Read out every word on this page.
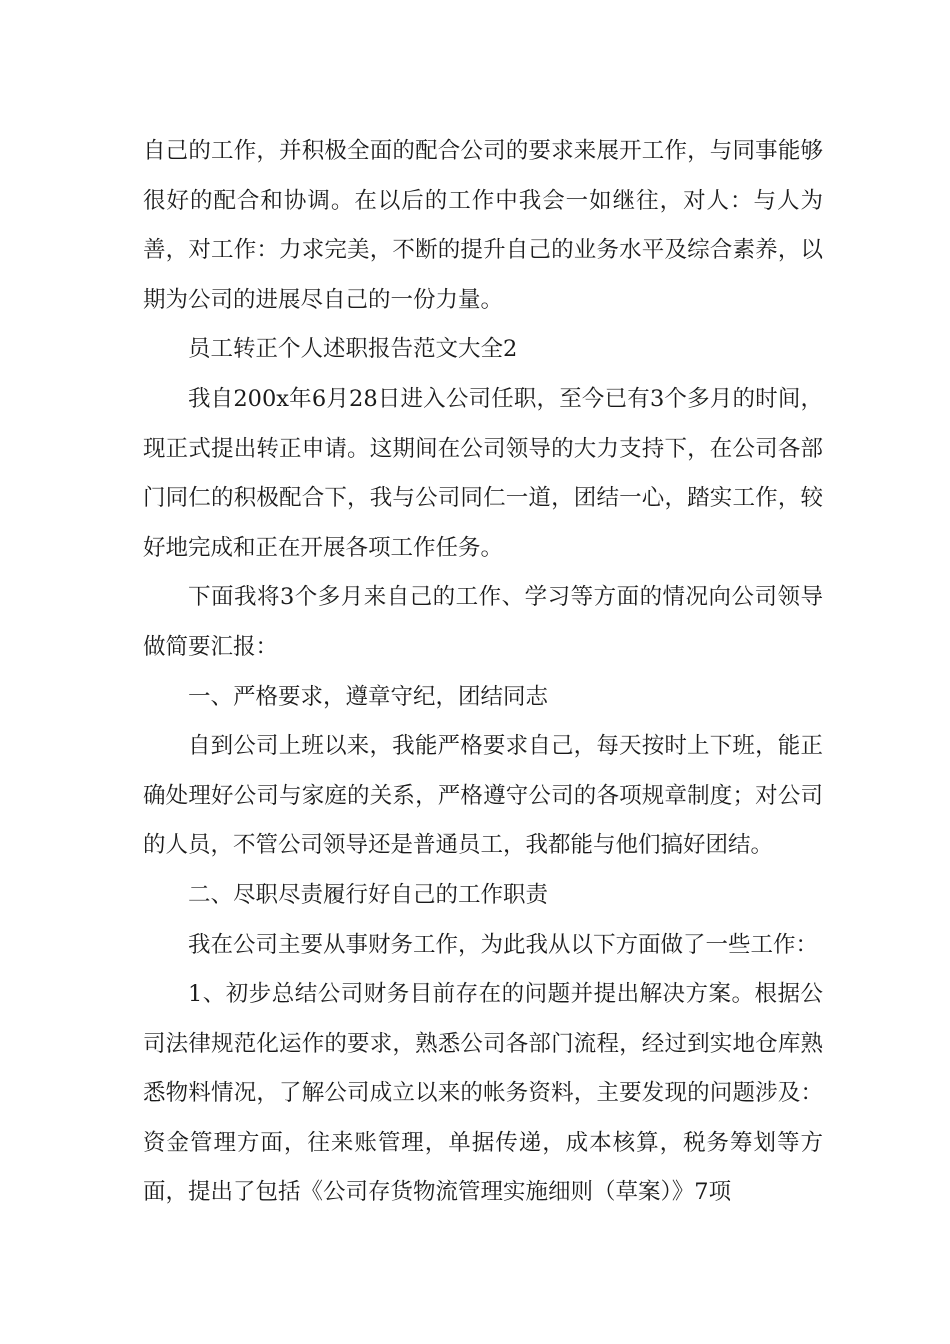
自己的工作，并积极全面的配合公司的要求来展开工作，与同事能够很好的配合和协调。在以后的工作中我会一如继往，对人：与人为善，对工作：力求完美，不断的提升自己的业务水平及综合素养，以期为公司的进展尽自己的一份力量。

员工转正个人述职报告范文大全2

我自200x年6月28日进入公司任职，至今已有3个多月的时间，现正式提出转正申请。这期间在公司领导的大力支持下，在公司各部门同仁的积极配合下，我与公司同仁一道，团结一心，踏实工作，较好地完成和正在开展各项工作任务。

下面我将3个多月来自己的工作、学习等方面的情况向公司领导做简要汇报：

一、严格要求，遵章守纪，团结同志

自到公司上班以来，我能严格要求自己，每天按时上下班，能正确处理好公司与家庭的关系，严格遵守公司的各项规章制度；对公司的人员，不管公司领导还是普通员工，我都能与他们搞好团结。

二、尽职尽责履行好自己的工作职责

我在公司主要从事财务工作，为此我从以下方面做了一些工作：

1、初步总结公司财务目前存在的问题并提出解决方案。根据公司法律规范化运作的要求，熟悉公司各部门流程，经过到实地仓库熟悉物料情况，了解公司成立以来的帐务资料，主要发现的问题涉及：资金管理方面，往来账管理，单据传递，成本核算，税务筹划等方面，提出了包括《公司存货物流管理实施细则（草案）》7项
